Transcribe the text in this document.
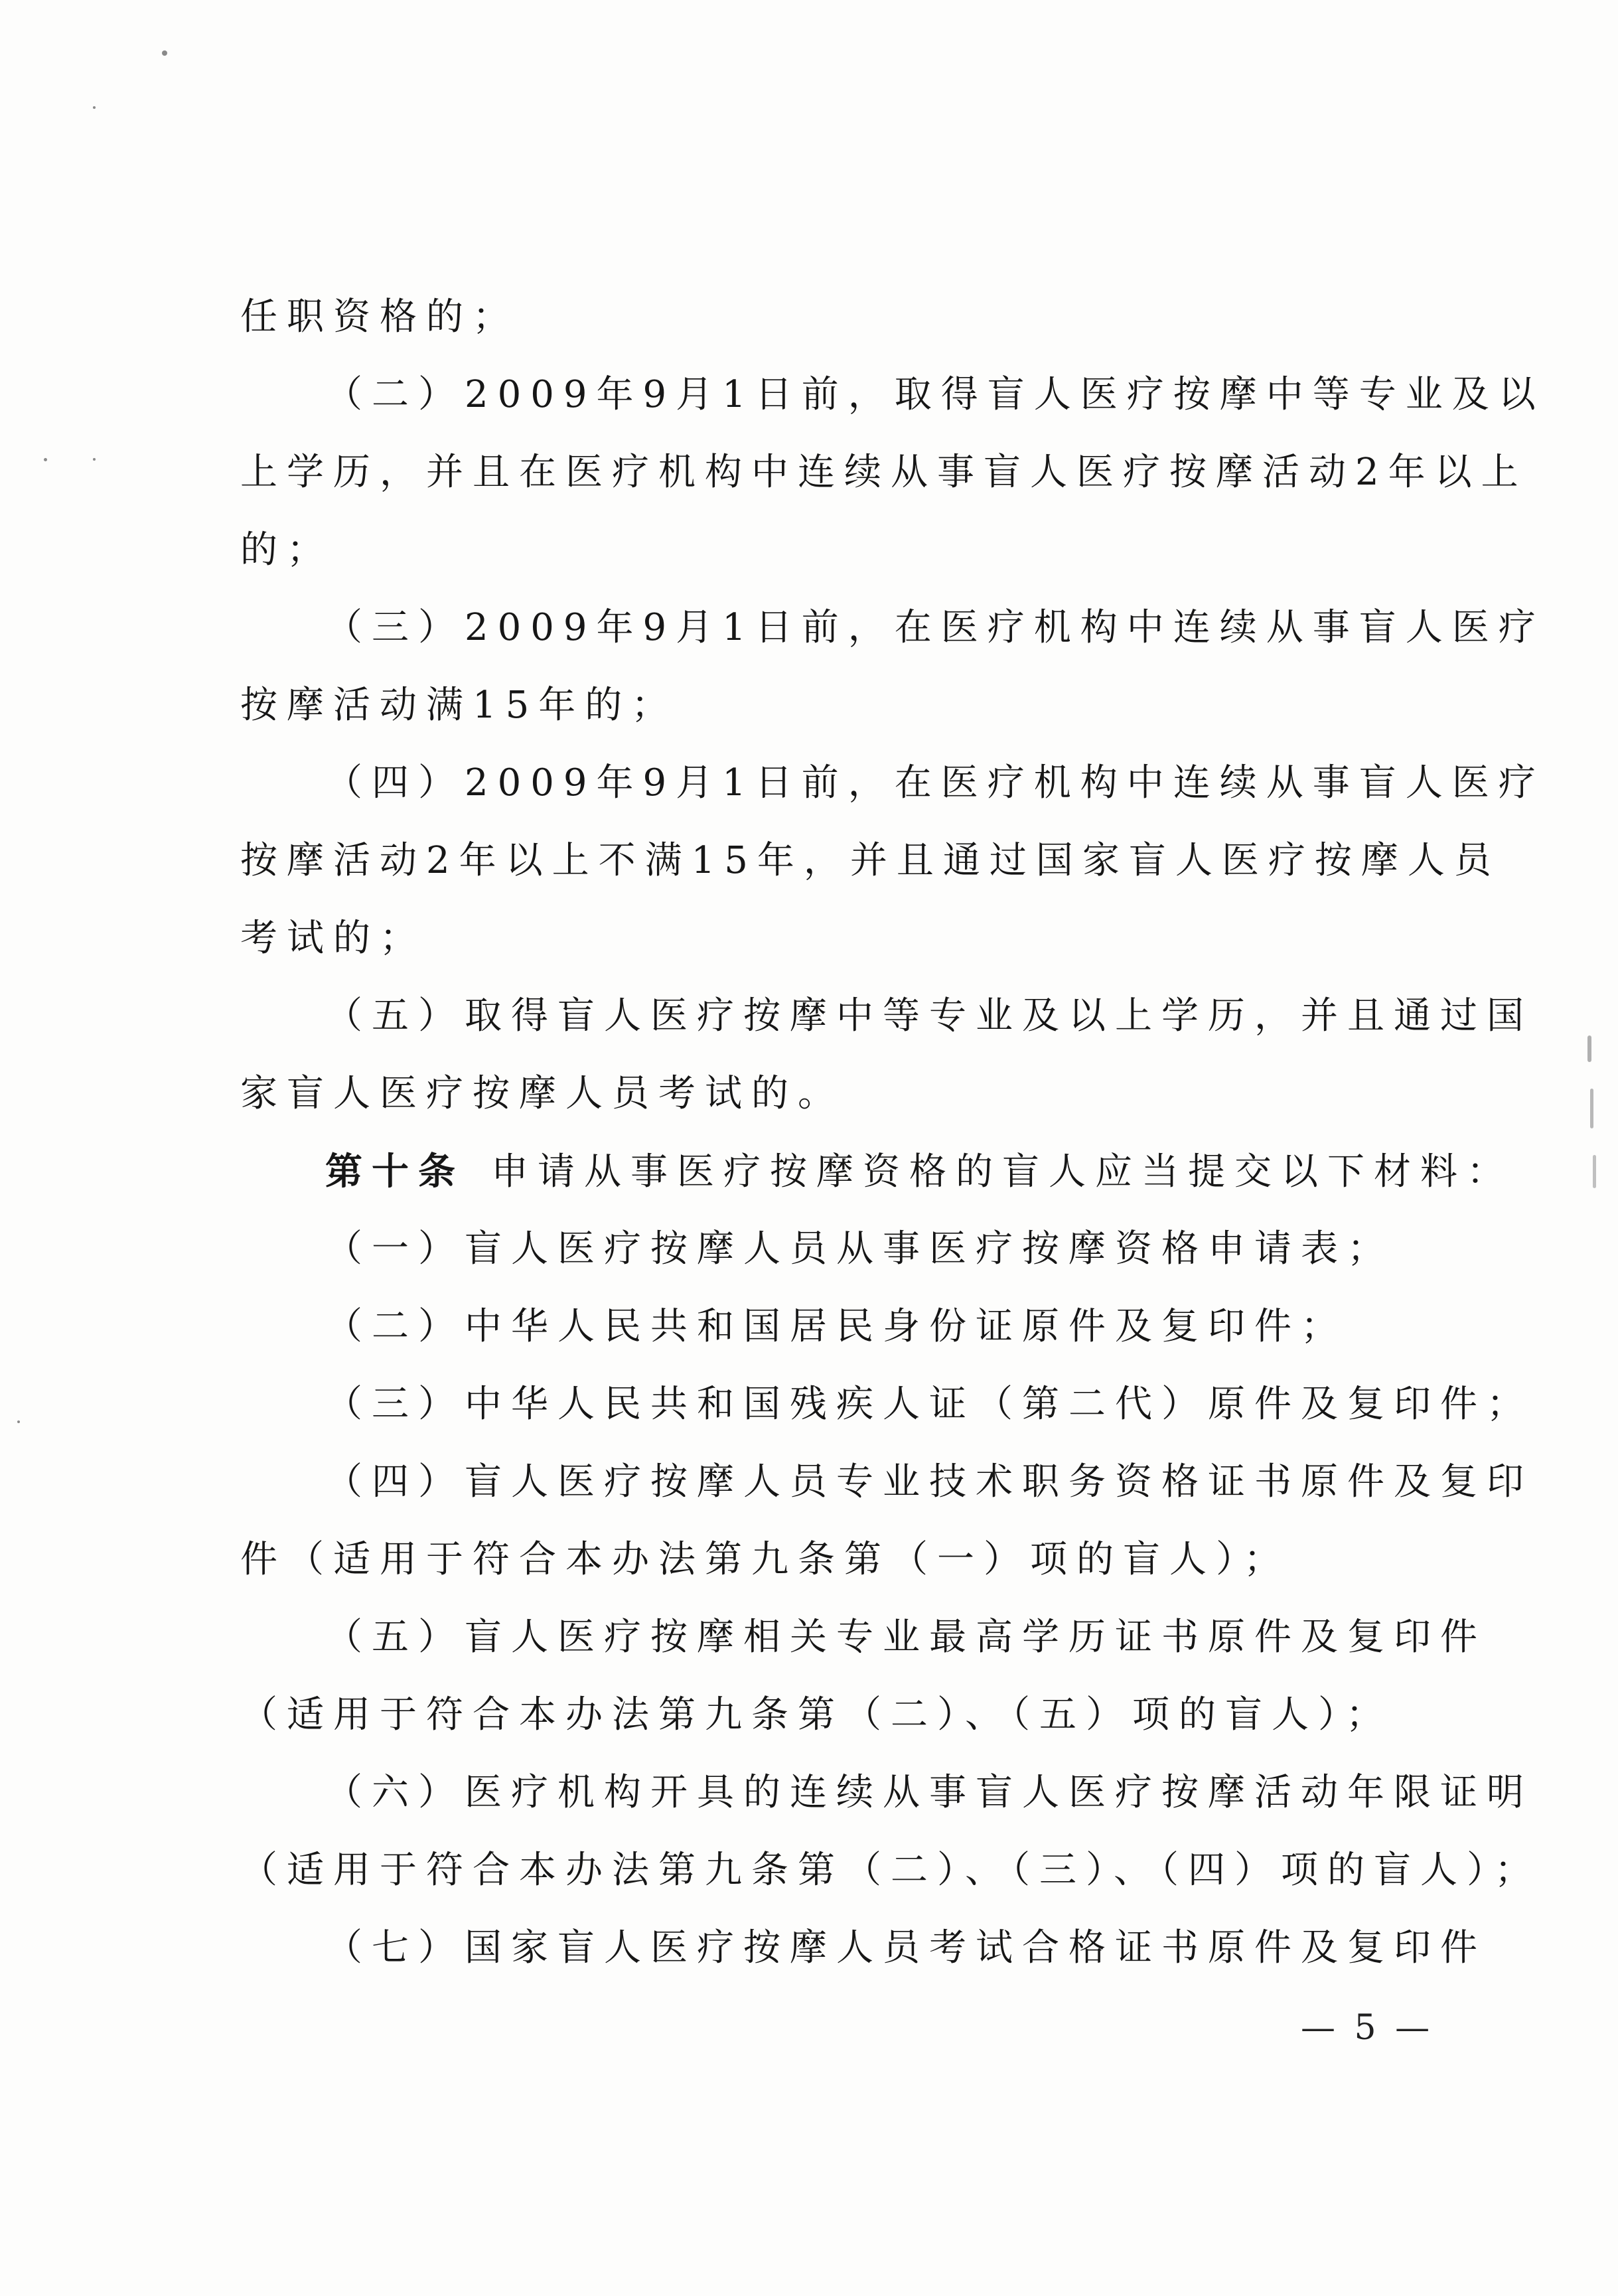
任职资格的；
（二）2009年9月1日前，取得盲人医疗按摩中等专业及以
上学历，并且在医疗机构中连续从事盲人医疗按摩活动2年以上
的；
（三）2009年9月1日前，在医疗机构中连续从事盲人医疗
按摩活动满15年的；
（四）2009年9月1日前，在医疗机构中连续从事盲人医疗
按摩活动2年以上不满15年，并且通过国家盲人医疗按摩人员
考试的；
（五）取得盲人医疗按摩中等专业及以上学历，并且通过国
家盲人医疗按摩人员考试的。
第十条 申请从事医疗按摩资格的盲人应当提交以下材料：
（一）盲人医疗按摩人员从事医疗按摩资格申请表；
（二）中华人民共和国居民身份证原件及复印件；
（三）中华人民共和国残疾人证（第二代）原件及复印件；
（四）盲人医疗按摩人员专业技术职务资格证书原件及复印
件（适用于符合本办法第九条第（一）项的盲人）；
（五）盲人医疗按摩相关专业最高学历证书原件及复印件
（适用于符合本办法第九条第（二）、（五）项的盲人）；
（六）医疗机构开具的连续从事盲人医疗按摩活动年限证明
（适用于符合本办法第九条第（二）、（三）、（四）项的盲人）；
（七）国家盲人医疗按摩人员考试合格证书原件及复印件
— 5 —
